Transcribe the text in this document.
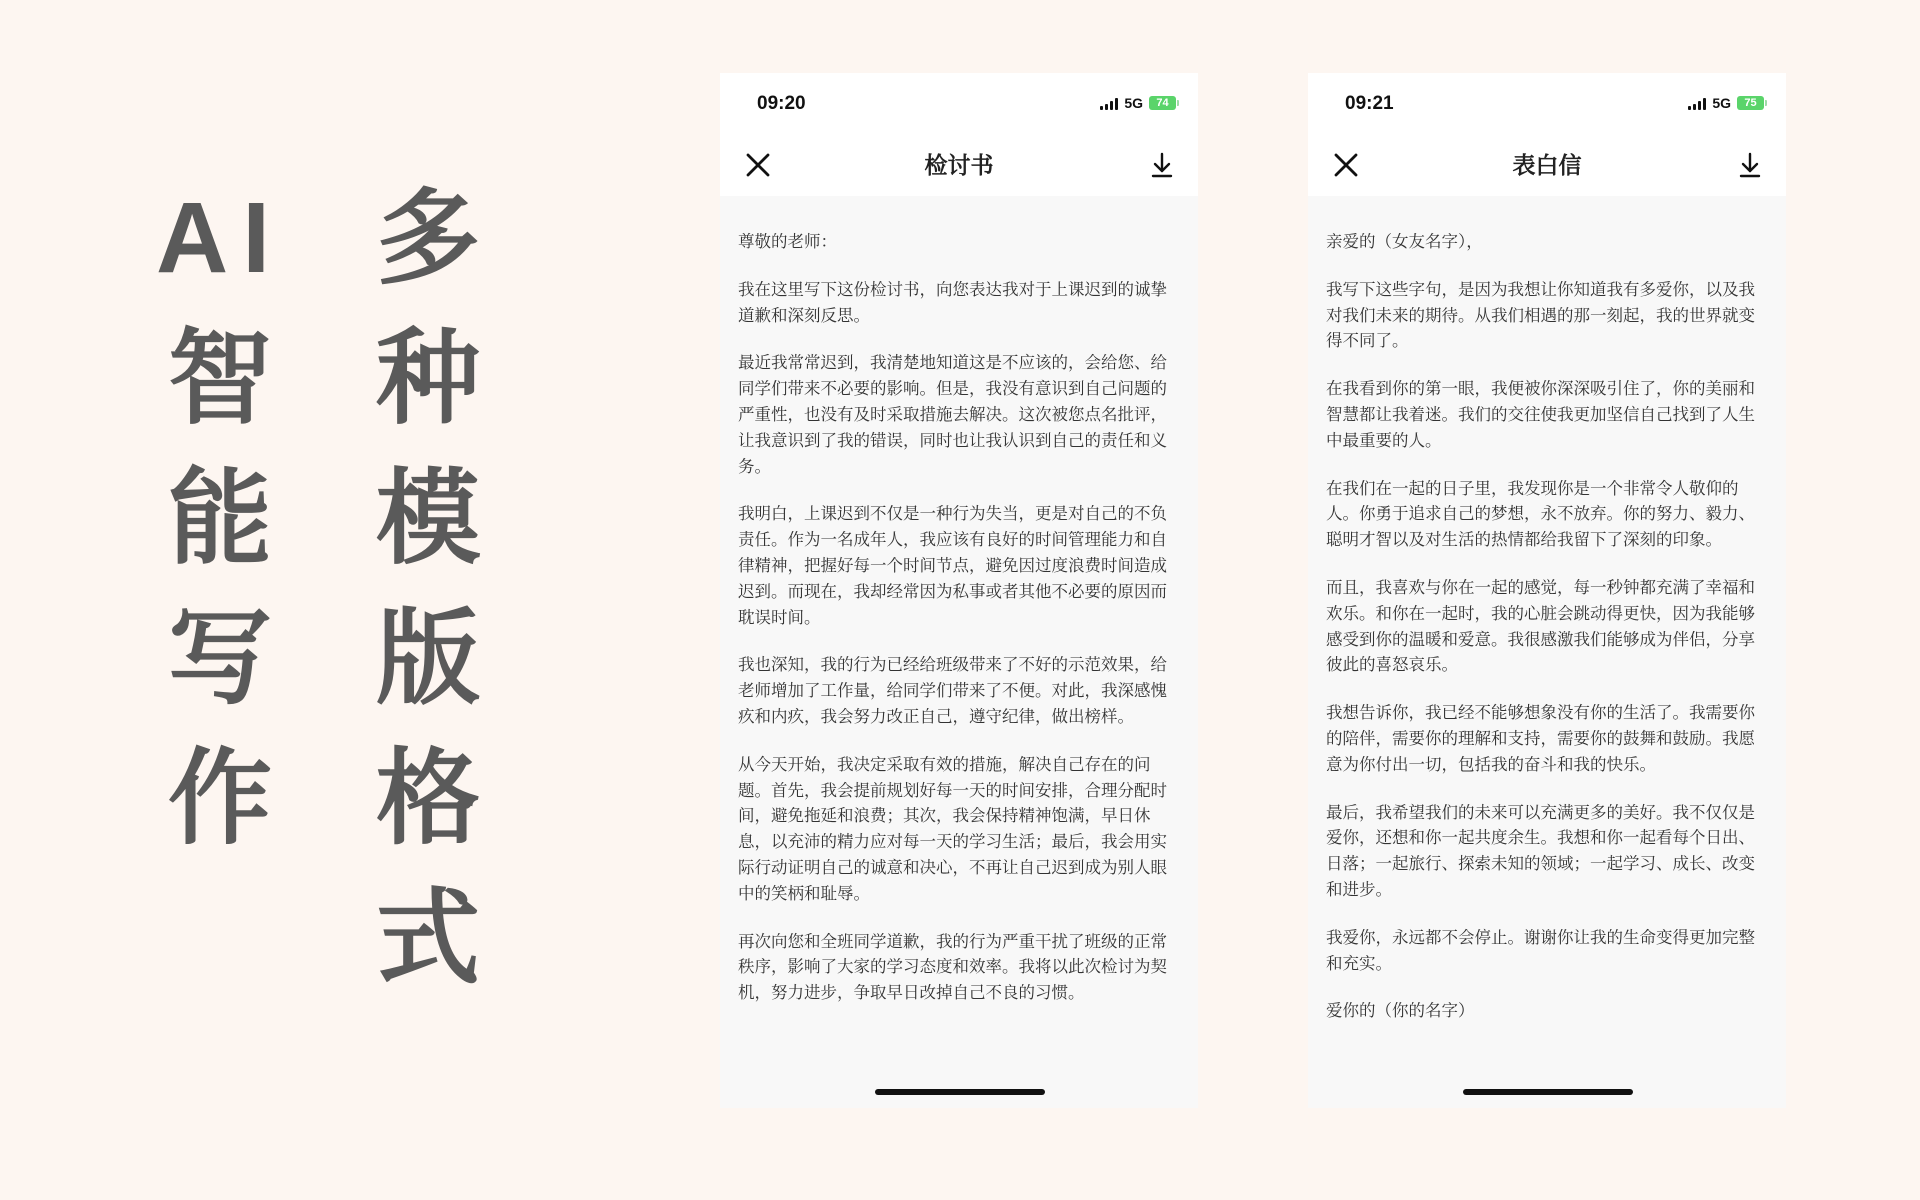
AI
智
能
写
作
多
种
模
版
格
式
09:20	5G	74
检讨书

尊敬的老师：

我在这里写下这份检讨书，向您表达我对于上课迟到的诚挚道歉和深刻反思。

最近我常常迟到，我清楚地知道这是不应该的，会给您、给同学们带来不必要的影响。但是，我没有意识到自己问题的严重性，也没有及时采取措施去解决。这次被您点名批评，让我意识到了我的错误，同时也让我认识到自己的责任和义务。

我明白，上课迟到不仅是一种行为失当，更是对自己的不负责任。作为一名成年人，我应该有良好的时间管理能力和自律精神，把握好每一个时间节点，避免因过度浪费时间造成迟到。而现在，我却经常因为私事或者其他不必要的原因而耽误时间。

我也深知，我的行为已经给班级带来了不好的示范效果，给老师增加了工作量，给同学们带来了不便。对此，我深感愧疚和内疚，我会努力改正自己，遵守纪律，做出榜样。

从今天开始，我决定采取有效的措施，解决自己存在的问题。首先，我会提前规划好每一天的时间安排，合理分配时间，避免拖延和浪费；其次，我会保持精神饱满，早日休息，以充沛的精力应对每一天的学习生活；最后，我会用实际行动证明自己的诚意和决心，不再让自己迟到成为别人眼中的笑柄和耻辱。

再次向您和全班同学道歉，我的行为严重干扰了班级的正常秩序，影响了大家的学习态度和效率。我将以此次检讨为契机，努力进步，争取早日改掉自己不良的习惯。

09:21	5G	75
表白信

亲爱的（女友名字），

我写下这些字句，是因为我想让你知道我有多爱你，以及我对我们未来的期待。从我们相遇的那一刻起，我的世界就变得不同了。

在我看到你的第一眼，我便被你深深吸引住了，你的美丽和智慧都让我着迷。我们的交往使我更加坚信自己找到了人生中最重要的人。

在我们在一起的日子里，我发现你是一个非常令人敬仰的人。你勇于追求自己的梦想，永不放弃。你的努力、毅力、聪明才智以及对生活的热情都给我留下了深刻的印象。

而且，我喜欢与你在一起的感觉，每一秒钟都充满了幸福和欢乐。和你在一起时，我的心脏会跳动得更快，因为我能够感受到你的温暖和爱意。我很感激我们能够成为伴侣，分享彼此的喜怒哀乐。

我想告诉你，我已经不能够想象没有你的生活了。我需要你的陪伴，需要你的理解和支持，需要你的鼓舞和鼓励。我愿意为你付出一切，包括我的奋斗和我的快乐。

最后，我希望我们的未来可以充满更多的美好。我不仅仅是爱你，还想和你一起共度余生。我想和你一起看每个日出、日落；一起旅行、探索未知的领域；一起学习、成长、改变和进步。

我爱你，永远都不会停止。谢谢你让我的生命变得更加完整和充实。

爱你的（你的名字）
